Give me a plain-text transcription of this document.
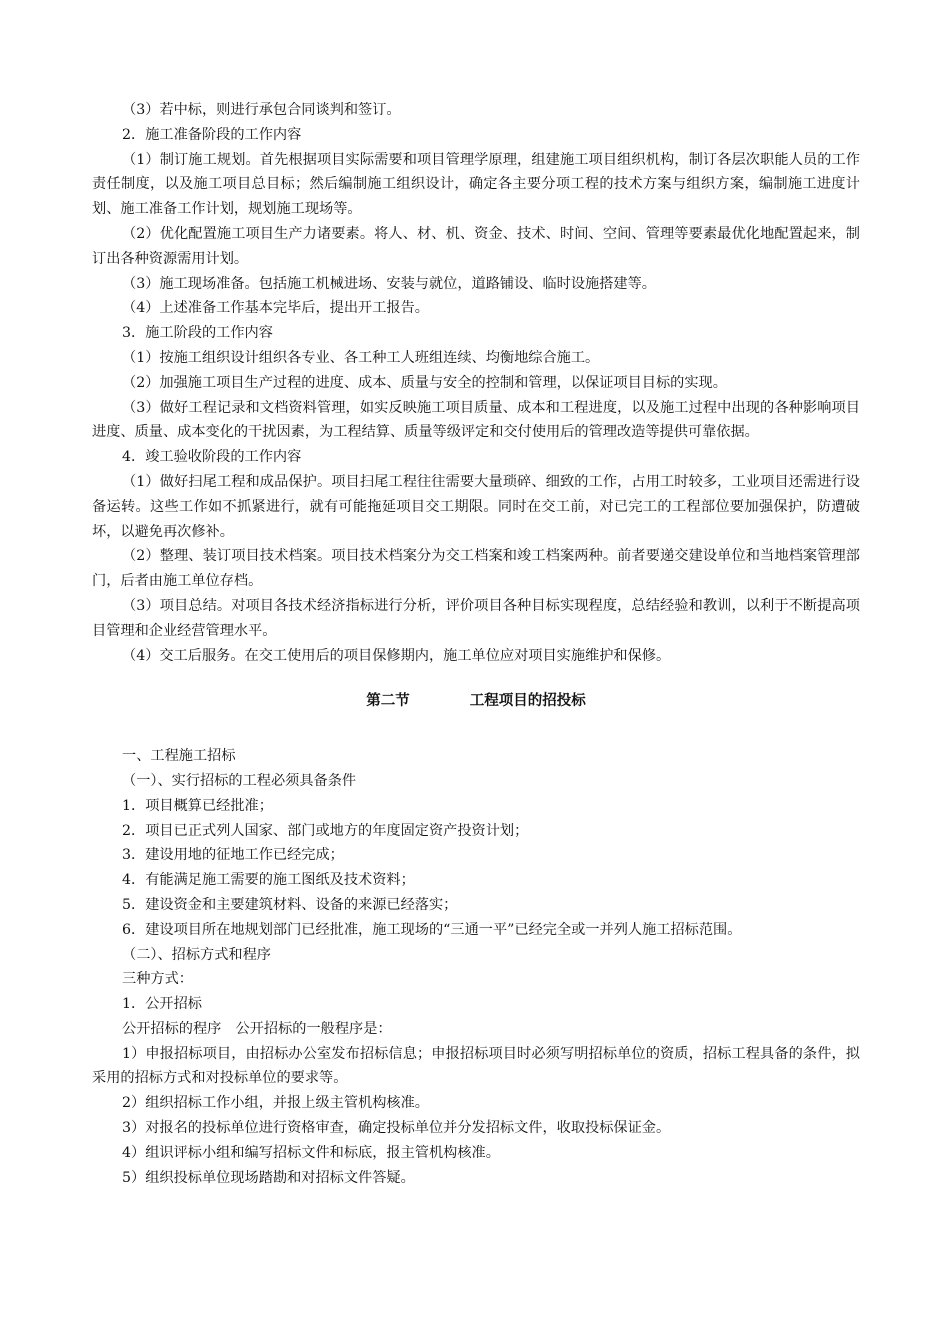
（3）若中标，则进行承包合同谈判和签订。

2．施工准备阶段的工作内容

（1）制订施工规划。首先根据项目实际需要和项目管理学原理，组建施工项目组织机构，制订各层次职能人员的工作责任制度，以及施工项目总目标；然后编制施工组织设计，确定各主要分项工程的技术方案与组织方案，编制施工进度计划、施工准备工作计划，规划施工现场等。

（2）优化配置施工项目生产力诸要素。将人、材、机、资金、技术、时间、空间、管理等要素最优化地配置起来，制订出各种资源需用计划。

（3）施工现场准备。包括施工机械进场、安装与就位，道路铺设、临时设施搭建等。

（4）上述准备工作基本完毕后，提出开工报告。

3．施工阶段的工作内容

（1）按施工组织设计组织各专业、各工种工人班组连续、均衡地综合施工。

（2）加强施工项目生产过程的进度、成本、质量与安全的控制和管理，以保证项目目标的实现。

（3）做好工程记录和文档资料管理，如实反映施工项目质量、成本和工程进度，以及施工过程中出现的各种影响项目进度、质量、成本变化的干扰因素，为工程结算、质量等级评定和交付使用后的管理改造等提供可靠依据。

4．竣工验收阶段的工作内容

（1）做好扫尾工程和成品保护。项目扫尾工程往往需要大量琐碎、细致的工作，占用工时较多，工业项目还需进行设备运转。这些工作如不抓紧进行，就有可能拖延项目交工期限。同时在交工前，对已完工的工程部位要加强保护，防遭破坏，以避免再次修补。

（2）整理、装订项目技术档案。项目技术档案分为交工档案和竣工档案两种。前者要递交建设单位和当地档案管理部门，后者由施工单位存档。

（3）项目总结。对项目各技术经济指标进行分析，评价项目各种目标实现程度，总结经验和教训，以利于不断提高项目管理和企业经营管理水平。

（4）交工后服务。在交工使用后的项目保修期内，施工单位应对项目实施维护和保修。

第二节	工程项目的招投标

一、工程施工招标

（一）、实行招标的工程必须具备条件

1．项目概算已经批准；

2．项目已正式列人国家、部门或地方的年度固定资产投资计划；

3．建设用地的征地工作已经完成；

4．有能满足施工需要的施工图纸及技术资料；

5．建设资金和主要建筑材料、设备的来源已经落实；

6．建设项目所在地规划部门已经批准，施工现场的“三通一平”已经完全或一并列人施工招标范围。

（二）、招标方式和程序

三种方式：

1．公开招标

公开招标的程序　公开招标的一般程序是：

1）申报招标项目，由招标办公室发布招标信息；申报招标项目时必须写明招标单位的资质，招标工程具备的条件，拟采用的招标方式和对投标单位的要求等。

2）组织招标工作小组，并报上级主管机构核准。

3）对报名的投标单位进行资格审查，确定投标单位并分发招标文件，收取投标保证金。

4）组识评标小组和编写招标文件和标底，报主管机构核准。

5）组织投标单位现场踏勘和对招标文件答疑。
